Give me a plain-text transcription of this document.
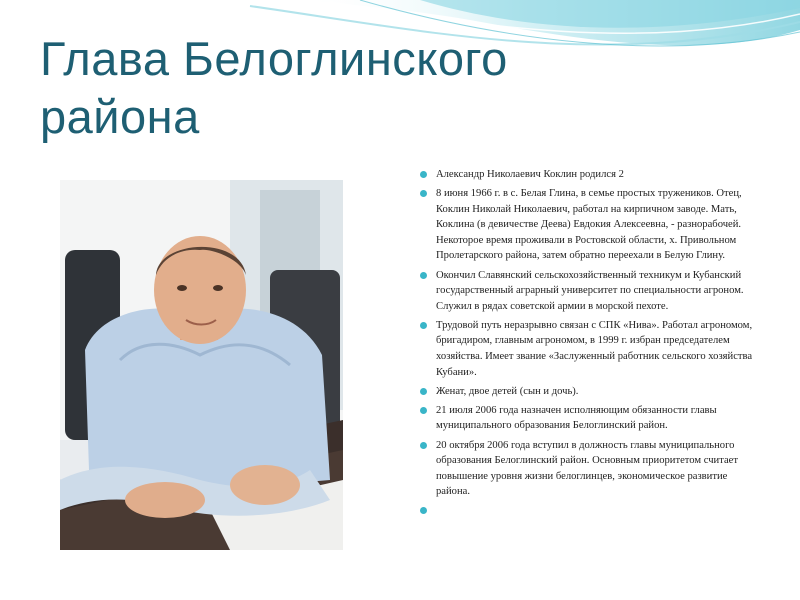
Глава Белоглинского
района
Александр Николаевич Коклин родился 2
8 июня 1966 г. в с. Белая Глина, в семье простых тружеников. Отец, Коклин Николай Николаевич, работал на кирпичном заводе. Мать, Коклина (в девичестве Деева) Евдокия Алексеевна, - разнорабочей. Некоторое время проживали в Ростовской области, х. Привольном Пролетарского района, затем обратно переехали в Белую Глину.
Окончил Славянский сельскохозяйственный техникум и Кубанский государственный аграрный университет по специальности агроном. Служил в рядах советской армии в морской пехоте.
Трудовой путь неразрывно связан с СПК «Нива». Работал агрономом, бригадиром, главным агрономом, в 1999 г. избран председателем хозяйства. Имеет звание «Заслуженный работник сельского хозяйства Кубани».
Женат, двое детей (сын и дочь).
21 июля 2006 года назначен исполняющим обязанности главы муниципального образования Белоглинский район.
20 октября 2006 года вступил в должность главы муниципального образования Белоглинский район. Основным приоритетом считает повышение уровня жизни белоглинцев, экономическое развитие района.
